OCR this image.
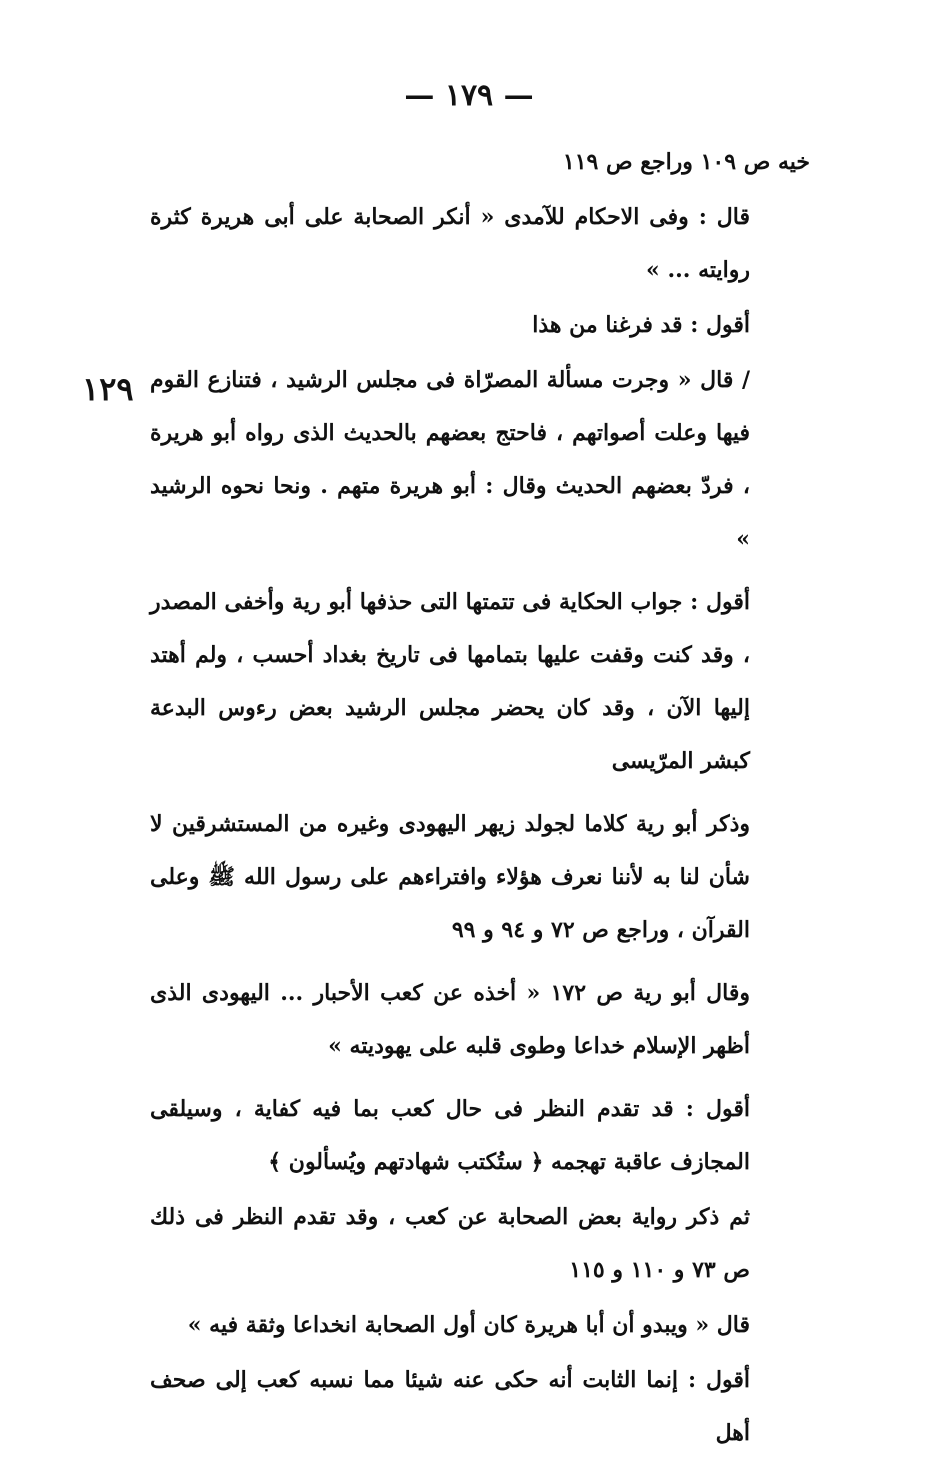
— ١٧٩ —
١٢٩

خيه ص ١٠٩ وراجع ص ١١٩

قال : وفى الاحكام للآمدى « أنكر الصحابة على أبى هريرة كثرة روايته ... »

أقول : قد فرغنا من هذا

/ قال « وجرت مسألة المصرّاة فى مجلس الرشيد ، فتنازع القوم فيها وعلت أصواتهم ، فاحتج بعضهم بالحديث الذى رواه أبو هريرة ، فردّ بعضهم الحديث وقال : أبو هريرة متهم . ونحا نحوه الرشيد »

أقول : جواب الحكاية فى تتمتها التى حذفها أبو رية وأخفى المصدر ، وقد كنت وقفت عليها بتمامها فى تاريخ بغداد أحسب ، ولم أهتد إليها الآن ، وقد كان يحضر مجلس الرشيد بعض رءوس البدعة كبشر المرّيسى

وذكر أبو رية كلاما لجولد زيهر اليهودى وغيره من المستشرقين لا شأن لنا به لأننا نعرف هؤلاء وافتراءهم على رسول الله ﷺ وعلى القرآن ، وراجع ص ٧٢ و ٩٤ و ٩٩

وقال أبو رية ص ١٧٢ « أخذه عن كعب الأحبار ... اليهودى الذى أظهر الإسلام خداعا وطوى قلبه على يهوديته »

أقول : قد تقدم النظر فى حال كعب بما فيه كفاية ، وسيلقى المجازف عاقبة تهجمه ﴿ ستُكتب شهادتهم ويُسألون ﴾

ثم ذكر رواية بعض الصحابة عن كعب ، وقد تقدم النظر فى ذلك ص ٧٣ و ١١٠ و ١١٥

قال « ويبدو أن أبا هريرة كان أول الصحابة انخداعا وثقة فيه »

أقول : إنما الثابت أنه حكى عنه شيئا مما نسبه كعب إلى صحف أهل
